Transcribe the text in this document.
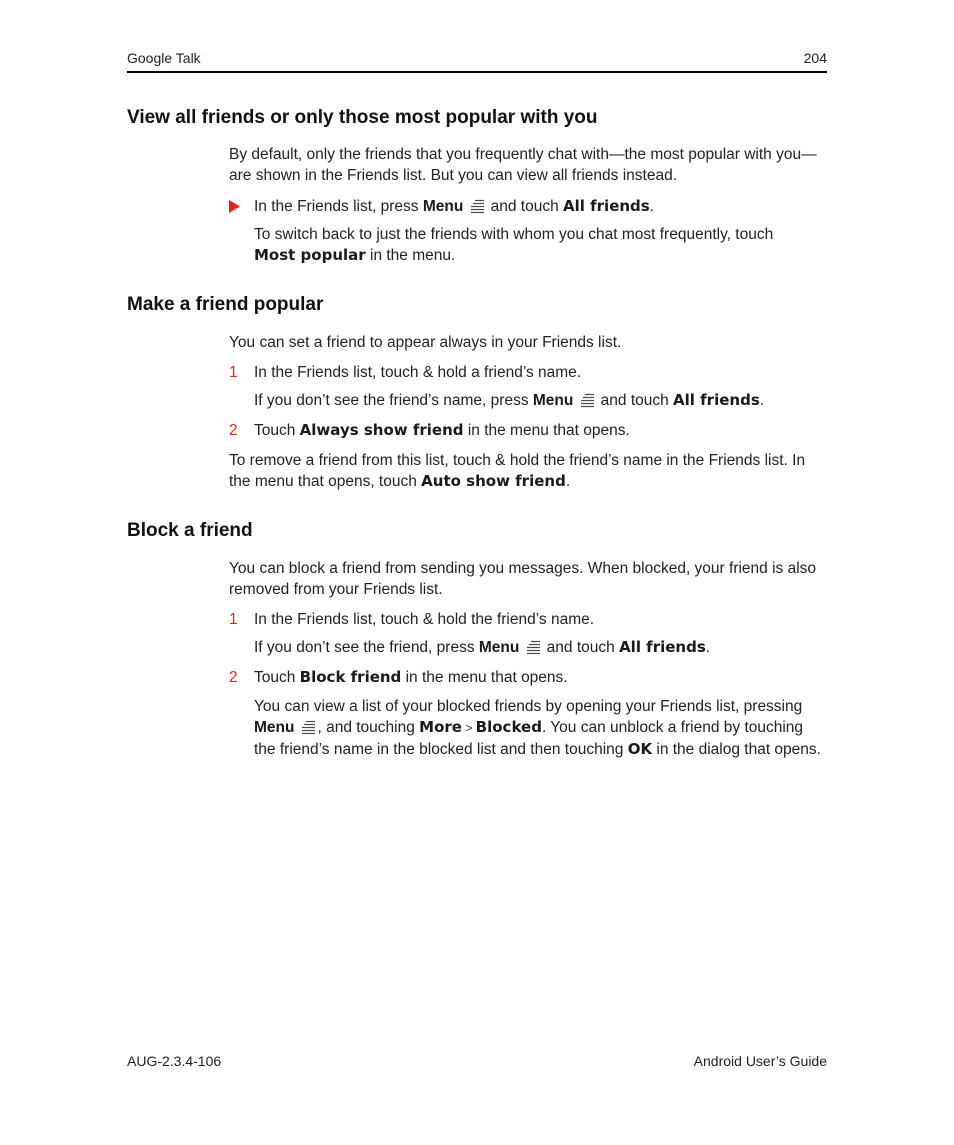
Google Talk	204
View all friends or only those most popular with you
By default, only the friends that you frequently chat with—the most popular with you—
are shown in the Friends list. But you can view all friends instead.
In the Friends list, press Menu and touch All friends.
To switch back to just the friends with whom you chat most frequently, touch
Most popular in the menu.
Make a friend popular
You can set a friend to appear always in your Friends list.
1 In the Friends list, touch & hold a friend’s name.
If you don’t see the friend’s name, press Menu and touch All friends.
2 Touch Always show friend in the menu that opens.
To remove a friend from this list, touch & hold the friend’s name in the Friends list. In
the menu that opens, touch Auto show friend.
Block a friend
You can block a friend from sending you messages. When blocked, your friend is also
removed from your Friends list.
1 In the Friends list, touch & hold the friend’s name.
If you don’t see the friend, press Menu and touch All friends.
2 Touch Block friend in the menu that opens.
You can view a list of your blocked friends by opening your Friends list, pressing
Menu , and touching More > Blocked. You can unblock a friend by touching
the friend’s name in the blocked list and then touching OK in the dialog that opens.
AUG-2.3.4-106	Android User’s Guide
